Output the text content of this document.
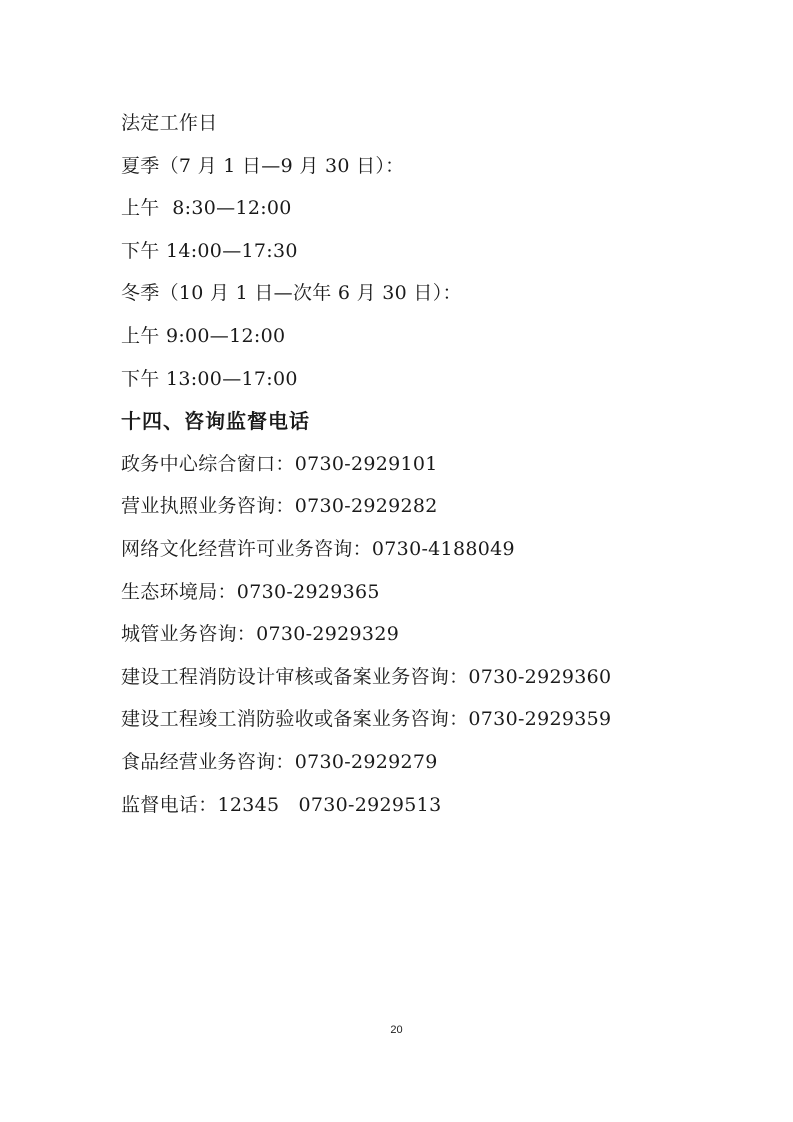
法定工作日
夏季（7 月 1 日—9 月 30 日）：
上午  8:30—12:00
下午 14:00—17:30
冬季（10 月 1 日—次年 6 月 30 日）：
上午 9:00—12:00
下午 13:00—17:00
十四、咨询监督电话
政务中心综合窗口：0730-2929101
营业执照业务咨询：0730-2929282
网络文化经营许可业务咨询：0730-4188049
生态环境局：0730-2929365
城管业务咨询：0730-2929329
建设工程消防设计审核或备案业务咨询：0730-2929360
建设工程竣工消防验收或备案业务咨询：0730-2929359
食品经营业务咨询：0730-2929279
监督电话：12345   0730-2929513
20
